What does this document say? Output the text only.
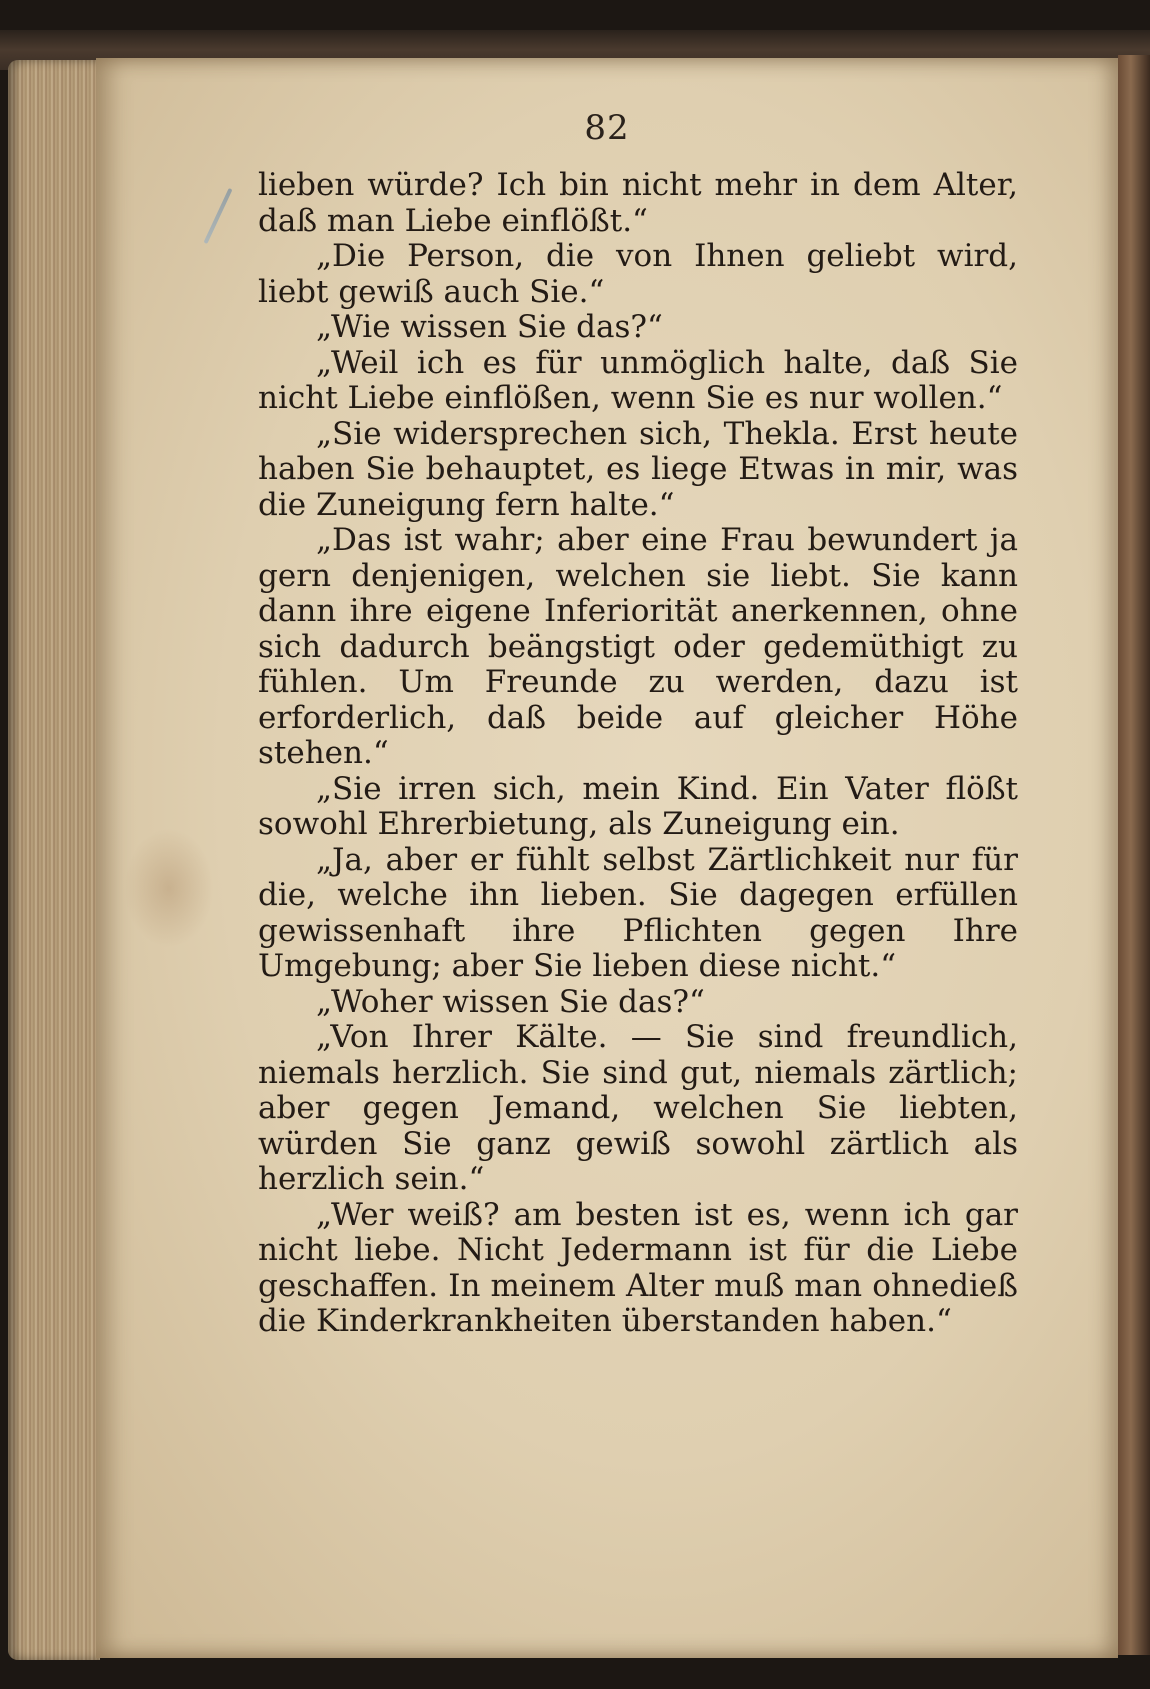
82

lieben würde? Ich bin nicht mehr in dem Alter, daß man Liebe einflößt.“

„Die Person, die von Ihnen geliebt wird, liebt gewiß auch Sie.“

„Wie wissen Sie das?“

„Weil ich es für unmöglich halte, daß Sie nicht Liebe einflößen, wenn Sie es nur wollen.“

„Sie widersprechen sich, Thekla. Erst heute haben Sie behauptet, es liege Etwas in mir, was die Zuneigung fern halte.“

„Das ist wahr; aber eine Frau bewundert ja gern denjenigen, welchen sie liebt. Sie kann dann ihre eigene Inferiorität anerkennen, ohne sich dadurch beängstigt oder gedemüthigt zu fühlen. Um Freunde zu werden, dazu ist erforderlich, daß beide auf gleicher Höhe stehen.“

„Sie irren sich, mein Kind. Ein Vater flößt sowohl Ehrerbietung, als Zuneigung ein.

„Ja, aber er fühlt selbst Zärtlichkeit nur für die, welche ihn lieben. Sie dagegen erfüllen gewissenhaft ihre Pflichten gegen Ihre Umgebung; aber Sie lieben diese nicht.“

„Woher wissen Sie das?“

„Von Ihrer Kälte. — Sie sind freundlich, niemals herzlich. Sie sind gut, niemals zärtlich; aber gegen Jemand, welchen Sie liebten, würden Sie ganz gewiß sowohl zärtlich als herzlich sein.“

„Wer weiß? am besten ist es, wenn ich gar nicht liebe. Nicht Jedermann ist für die Liebe geschaffen. In meinem Alter muß man ohnedieß die Kinderkrankheiten überstanden haben.“
